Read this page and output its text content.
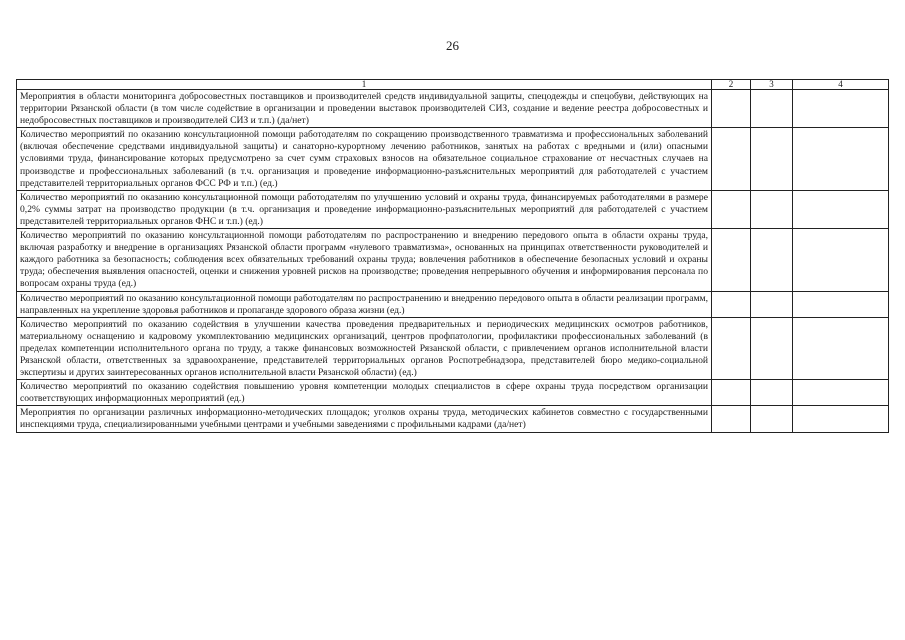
26
1	2	3	4
Мероприятия в области мониторинга добросовестных поставщиков и производителей средств индивидуальной защиты, спецодежды и спецобуви, действующих на территории Рязанской области (в том числе содействие в организации и проведении выставок производителей СИЗ, создание и ведение реестра добросовестных и недобросовестных поставщиков и производителей СИЗ и т.п.) (да/нет)			
Количество мероприятий по оказанию консультационной помощи работодателям по сокращению производственного травматизма и профессиональных заболеваний (включая обеспечение средствами индивидуальной защиты) и санаторно-курортному лечению работников, занятых на работах с вредными и (или) опасными условиями труда, финансирование которых предусмотрено за счет сумм страховых взносов на обязательное социальное страхование от несчастных случаев на производстве и профессиональных заболеваний (в т.ч. организация и проведение информационно-разъяснительных мероприятий для работодателей с участием представителей территориальных органов ФСС РФ и т.п.) (ед.)			
Количество мероприятий по оказанию консультационной помощи работодателям по улучшению условий и охраны труда, финансируемых работодателями в размере 0,2% суммы затрат на производство продукции (в т.ч. организация и проведение информационно-разъяснительных мероприятий для работодателей с участием представителей территориальных органов ФНС и т.п.) (ед.)			
Количество мероприятий по оказанию консультационной помощи работодателям по распространению и внедрению передового опыта в области охраны труда, включая разработку и внедрение в организациях Рязанской области программ «нулевого травматизма», основанных на принципах ответственности руководителей и каждого работника за безопасность; соблюдения всех обязательных требований охраны труда; вовлечения работников в обеспечение безопасных условий и охраны труда; обеспечения выявления опасностей, оценки и снижения уровней рисков на производстве; проведения непрерывного обучения и информирования персонала по вопросам охраны труда (ед.)			
Количество мероприятий по оказанию консультационной помощи работодателям по распространению и внедрению передового опыта в области реализации программ, направленных на укрепление здоровья работников и пропаганде здорового образа жизни (ед.)			
Количество мероприятий по оказанию содействия в улучшении качества проведения предварительных и периодических медицинских осмотров работников, материальному оснащению и кадровому укомплектованию медицинских организаций, центров профпатологии, профилактики профессиональных заболеваний (в пределах компетенции исполнительного органа по труду, а также финансовых возможностей Рязанской области, с привлечением органов исполнительной власти Рязанской области, ответственных за здравоохранение, представителей территориальных органов Роспотребнадзора, представителей бюро медико-социальной экспертизы и других заинтересованных органов исполнительной власти Рязанской области) (ед.)			
Количество мероприятий по оказанию содействия повышению уровня компетенции молодых специалистов в сфере охраны труда посредством организации соответствующих информационных мероприятий (ед.)			
Мероприятия по организации различных информационно-методических площадок; уголков охраны труда, методических кабинетов совместно с государственными инспекциями труда, специализированными учебными центрами и учебными заведениями с профильными кадрами (да/нет)			
